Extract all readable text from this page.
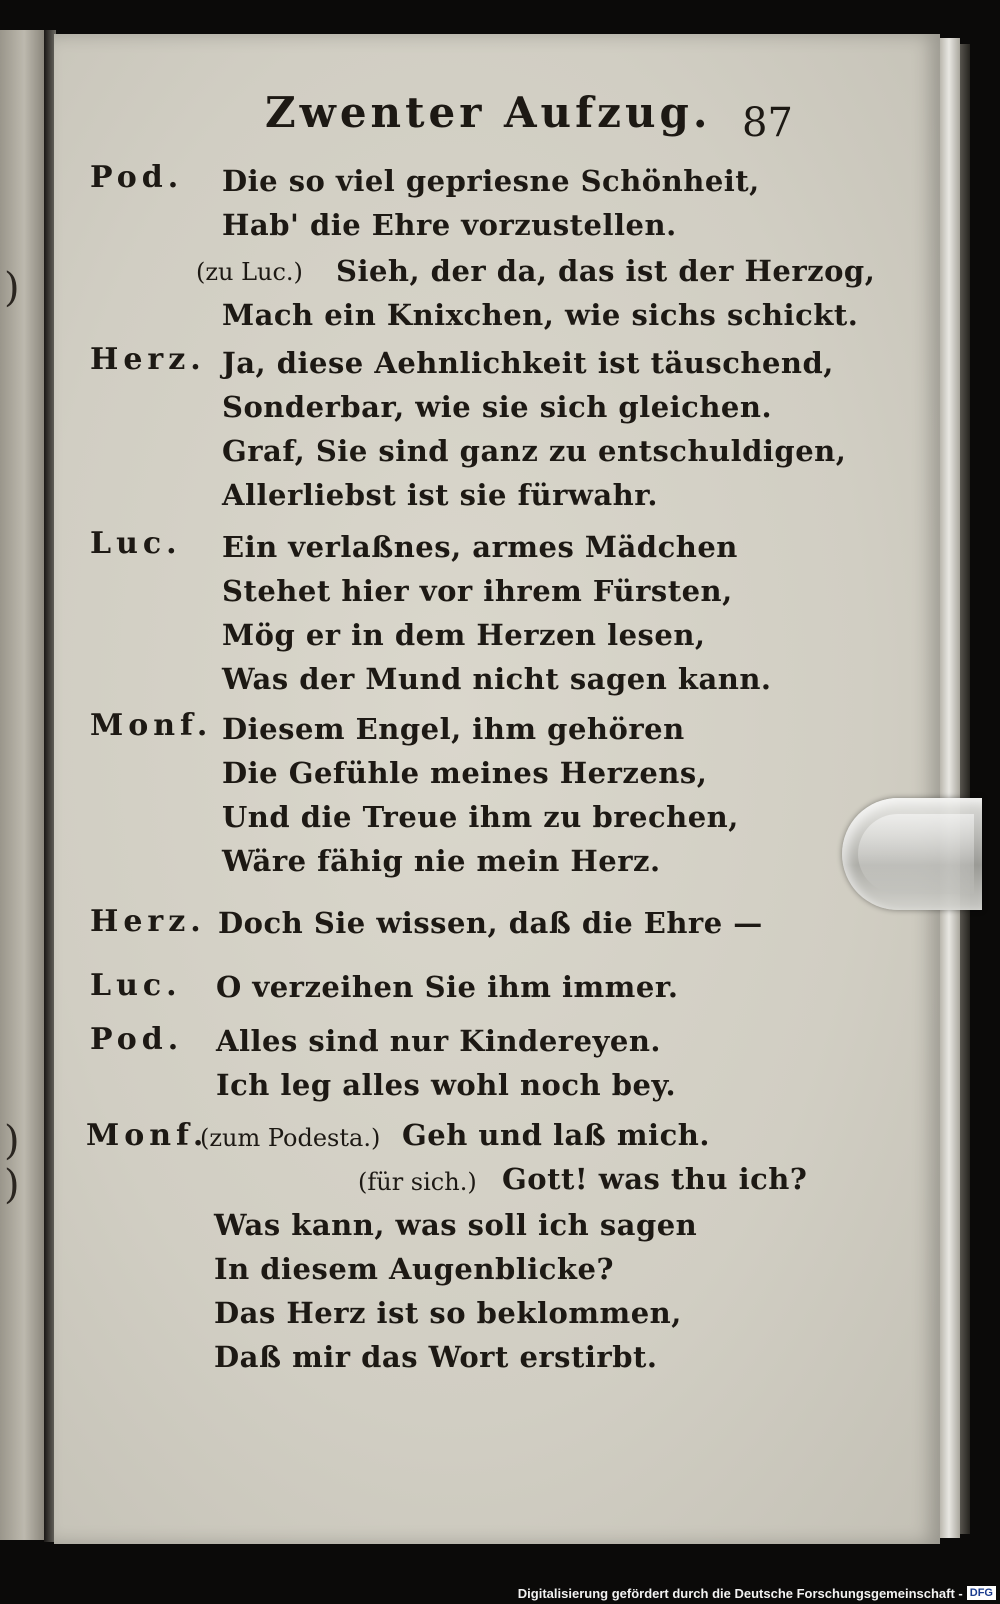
)
)
)
Zwenter Aufzug. 87
Pod. Die so viel gepriesne Schönheit,
Hab' die Ehre vorzustellen.
(zu Luc.) Sieh, der da, das ist der Herzog,
Mach ein Knixchen, wie sichs schickt.
Herz. Ja, diese Aehnlichkeit ist täuschend,
Sonderbar, wie sie sich gleichen.
Graf, Sie sind ganz zu entschuldigen,
Allerliebst ist sie fürwahr.
Luc. Ein verlaßnes, armes Mädchen
Stehet hier vor ihrem Fürsten,
Mög er in dem Herzen lesen,
Was der Mund nicht sagen kann.
Monf. Diesem Engel, ihm gehören
Die Gefühle meines Herzens,
Und die Treue ihm zu brechen,
Wäre fähig nie mein Herz.
Herz. Doch Sie wissen, daß die Ehre —
Luc. O verzeihen Sie ihm immer.
Pod. Alles sind nur Kindereyen.
Ich leg alles wohl noch bey.
Monf.
(zum Podesta.) Geh und laß mich.
(für sich.) Gott! was thu ich?
Was kann, was soll ich sagen
In diesem Augenblicke?
Das Herz ist so beklommen,
Daß mir das Wort erstirbt.
Digitalisierung gefördert durch die Deutsche Forschungsgemeinschaft - DFG
